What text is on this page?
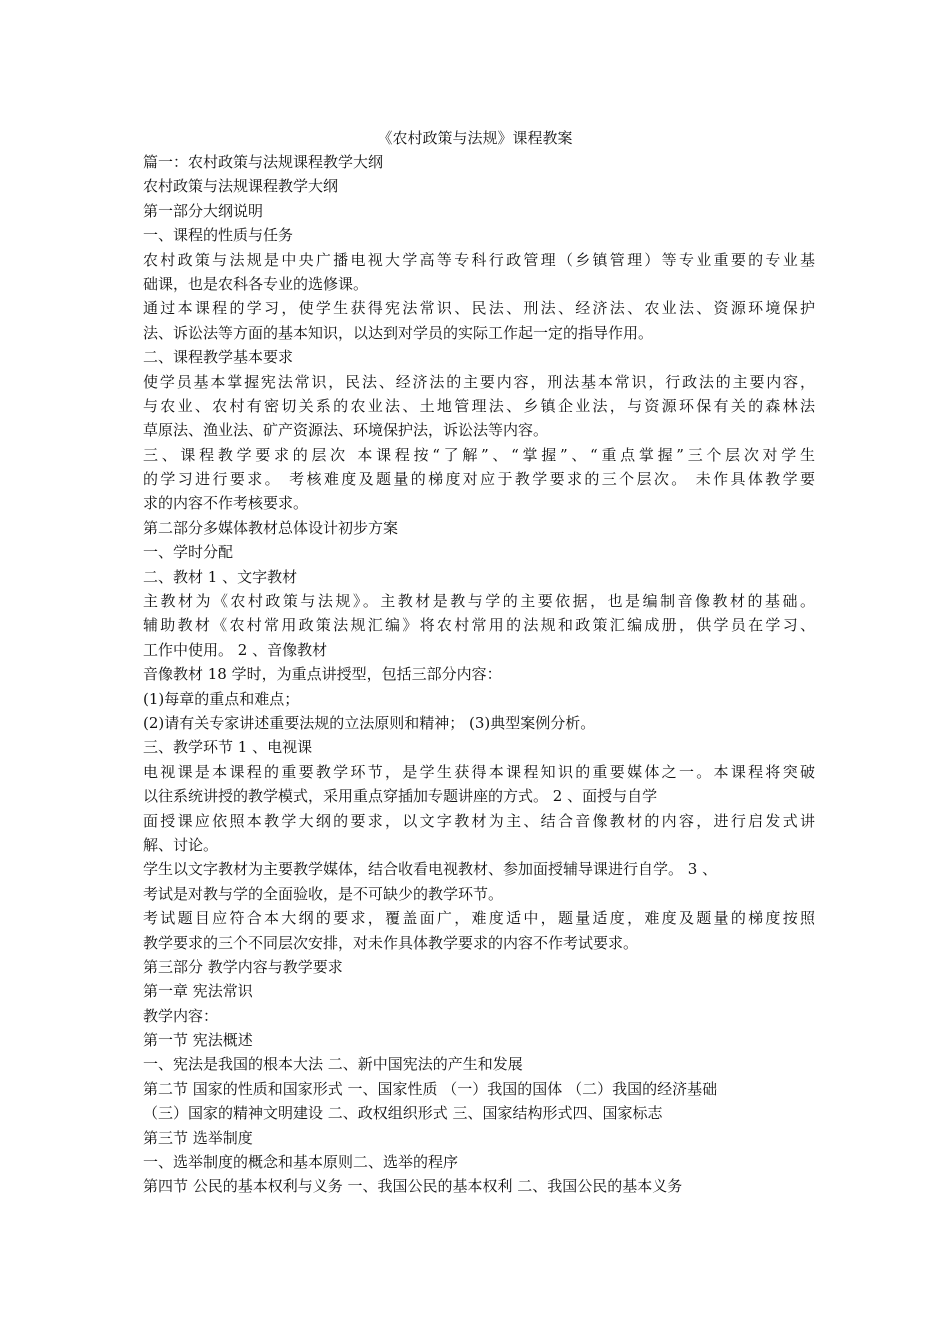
《农村政策与法规》课程教案
篇一：农村政策与法规课程教学大纲
农村政策与法规课程教学大纲
第一部分大纲说明
一、课程的性质与任务
农村政策与法规是中央广播电视大学高等专科行政管理（乡镇管理）等专业重要的专业基
础课，也是农科各专业的选修课。
通过本课程的学习，使学生获得宪法常识、民法、刑法、经济法、农业法、资源环境保护
法、诉讼法等方面的基本知识，以达到对学员的实际工作起一定的指导作用。
二、课程教学基本要求
使学员基本掌握宪法常识，民法、经济法的主要内容，刑法基本常识，行政法的主要内容，
与农业、农村有密切关系的农业法、土地管理法、乡镇企业法，与资源环保有关的森林法
草原法、渔业法、矿产资源法、环境保护法，诉讼法等内容。
三、课程教学要求的层次 本课程按“了解”、“掌握”、“重点掌握”三个层次对学生
的学习进行要求。 考核难度及题量的梯度对应于教学要求的三个层次。 未作具体教学要
求的内容不作考核要求。
第二部分多媒体教材总体设计初步方案
一、学时分配
二、教材 1 、文字教材
主教材为《农村政策与法规》。主教材是教与学的主要依据，也是编制音像教材的基础。
辅助教材《农村常用政策法规汇编》将农村常用的法规和政策汇编成册，供学员在学习、
工作中使用。 2 、音像教材
音像教材 18 学时，为重点讲授型，包括三部分内容：
(1)每章的重点和难点；
(2)请有关专家讲述重要法规的立法原则和精神； (3)典型案例分析。
三、教学环节 1 、电视课
电视课是本课程的重要教学环节，是学生获得本课程知识的重要媒体之一。本课程将突破
以往系统讲授的教学模式，采用重点穿插加专题讲座的方式。 2 、面授与自学
面授课应依照本教学大纲的要求，以文字教材为主、结合音像教材的内容，进行启发式讲
解、讨论。
学生以文字教材为主要教学媒体，结合收看电视教材、参加面授辅导课进行自学。 3 、
考试是对教与学的全面验收，是不可缺少的教学环节。
考试题目应符合本大纲的要求，覆盖面广，难度适中，题量适度，难度及题量的梯度按照
教学要求的三个不同层次安排，对未作具体教学要求的内容不作考试要求。
第三部分 教学内容与教学要求
第一章 宪法常识
教学内容：
第一节 宪法概述
一、宪法是我国的根本大法 二、新中国宪法的产生和发展
第二节 国家的性质和国家形式 一、国家性质 （一）我国的国体 （二）我国的经济基础
（三）国家的精神文明建设 二、政权组织形式 三、国家结构形式四、国家标志
第三节 选举制度
一、选举制度的概念和基本原则二、选举的程序
第四节 公民的基本权利与义务 一、我国公民的基本权利 二、我国公民的基本义务
